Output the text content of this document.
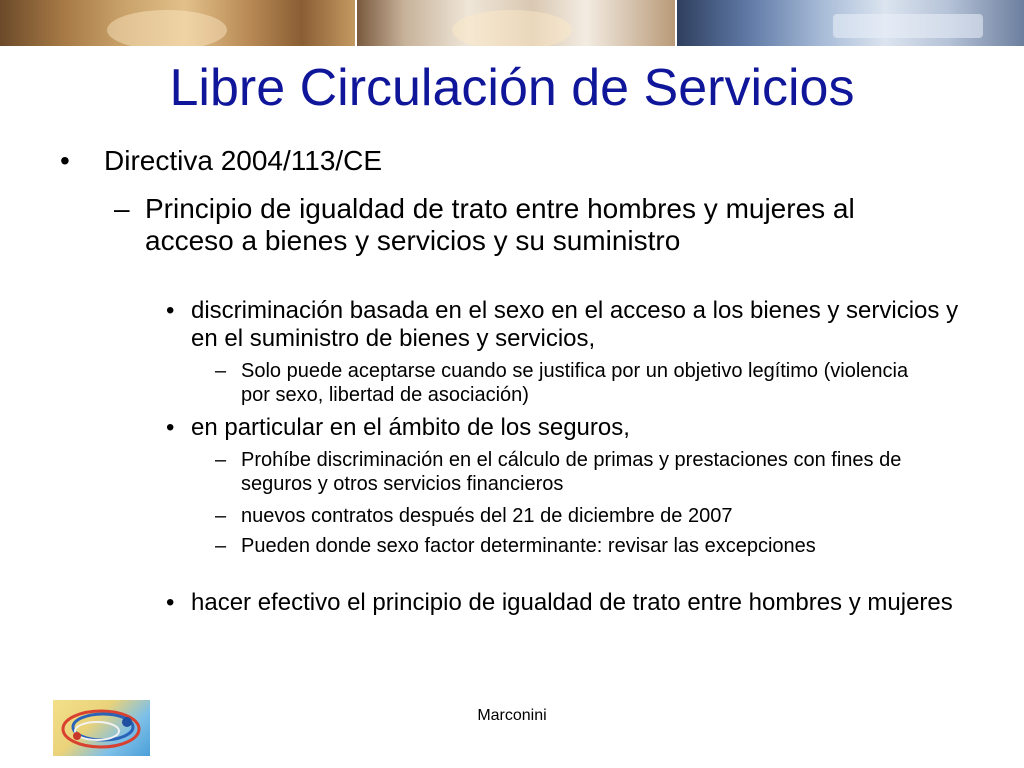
Libre Circulación de Servicios
•	Directiva 2004/113/CE
– Principio de igualdad de trato entre hombres y mujeres al acceso a bienes y servicios y su suministro
• discriminación basada en el sexo en el acceso a los bienes y servicios y en el suministro de bienes y servicios,
– Solo puede aceptarse cuando se justifica por un objetivo legítimo (violencia por sexo, libertad de asociación)
• en particular en el ámbito de los seguros,
– Prohíbe discriminación en el cálculo de primas y prestaciones con fines de seguros y otros servicios financieros
– nuevos contratos después del 21 de diciembre de 2007
– Pueden donde sexo factor determinante: revisar las excepciones
• hacer efectivo el principio de igualdad de trato entre hombres y mujeres
Marconini
